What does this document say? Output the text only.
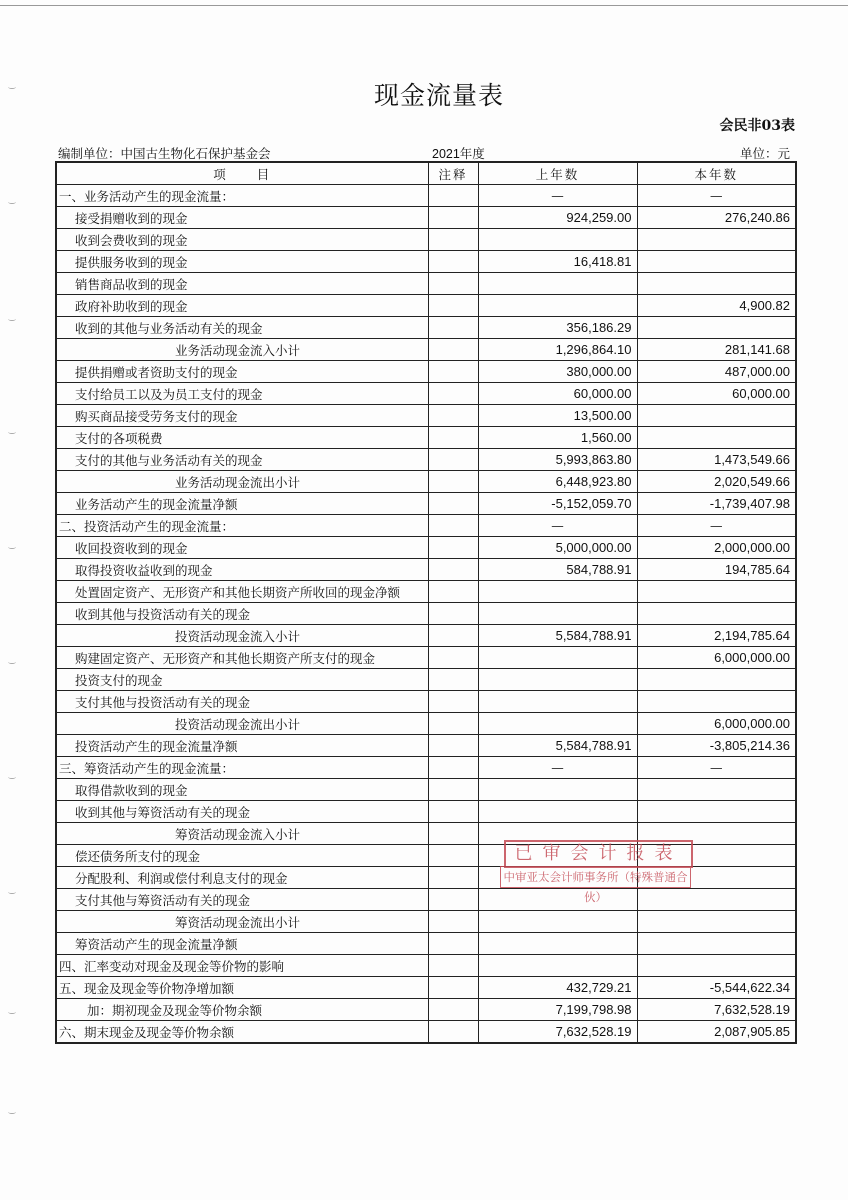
现金流量表
会民非03表
编制单位：中国古生物化石保护基金会	2021年度	单位：元
项　　目	注释	上年数	本年数
一、业务活动产生的现金流量：		—	—
接受捐赠收到的现金		924,259.00	276,240.86
收到会费收到的现金			
提供服务收到的现金		16,418.81	
销售商品收到的现金			
政府补助收到的现金			4,900.82
收到的其他与业务活动有关的现金		356,186.29	
业务活动现金流入小计		1,296,864.10	281,141.68
提供捐赠或者资助支付的现金		380,000.00	487,000.00
支付给员工以及为员工支付的现金		60,000.00	60,000.00
购买商品接受劳务支付的现金		13,500.00	
支付的各项税费		1,560.00	
支付的其他与业务活动有关的现金		5,993,863.80	1,473,549.66
业务活动现金流出小计		6,448,923.80	2,020,549.66
业务活动产生的现金流量净额		-5,152,059.70	-1,739,407.98
二、投资活动产生的现金流量：		—	—
收回投资收到的现金		5,000,000.00	2,000,000.00
取得投资收益收到的现金		584,788.91	194,785.64
处置固定资产、无形资产和其他长期资产所收回的现金净额			
收到其他与投资活动有关的现金			
投资活动现金流入小计		5,584,788.91	2,194,785.64
购建固定资产、无形资产和其他长期资产所支付的现金			6,000,000.00
投资支付的现金			
支付其他与投资活动有关的现金			
投资活动现金流出小计			6,000,000.00
投资活动产生的现金流量净额		5,584,788.91	-3,805,214.36
三、筹资活动产生的现金流量：		—	—
取得借款收到的现金			
收到其他与筹资活动有关的现金			
筹资活动现金流入小计			
偿还债务所支付的现金			
分配股利、利润或偿付利息支付的现金			
支付其他与筹资活动有关的现金			
筹资活动现金流出小计			
筹资活动产生的现金流量净额			
四、汇率变动对现金及现金等价物的影响			
五、现金及现金等价物净增加额		432,729.21	-5,544,622.34
加：期初现金及现金等价物余额		7,199,798.98	7,632,528.19
六、期末现金及现金等价物余额		7,632,528.19	2,087,905.85
已审会计报表
中审亚太会计师事务所（特殊普通合伙）
